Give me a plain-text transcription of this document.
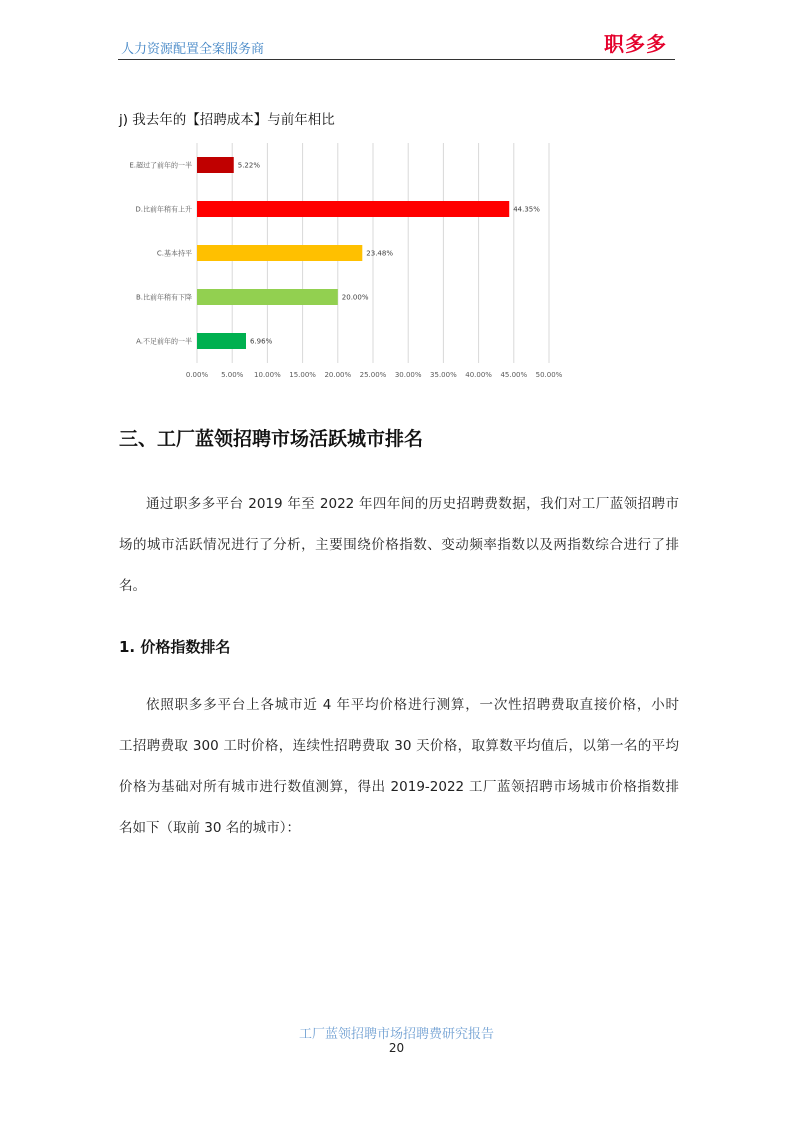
人力资源配置全案服务商	职多多
j) 我去年的【招聘成本】与前年相比
0.00% 5.00% 10.00% 15.00% 20.00% 25.00% 30.00% 35.00% 40.00% 45.00% 50.00%
E.超过了前年的一半	5.22%
D.比前年稍有上升	44.35%
C.基本持平	23.48%
B.比前年稍有下降	20.00%
A.不足前年的一半	6.96%
三、工厂蓝领招聘市场活跃城市排名
通过职多多平台 2019 年至 2022 年四年间的历史招聘费数据，我们对工厂蓝领招聘市
场的城市活跃情况进行了分析，主要围绕价格指数、变动频率指数以及两指数综合进行了排
名。
1. 价格指数排名
依照职多多平台上各城市近 4 年平均价格进行测算，一次性招聘费取直接价格，小时
工招聘费取 300 工时价格，连续性招聘费取 30 天价格，取算数平均值后，以第一名的平均
价格为基础对所有城市进行数值测算，得出 2019-2022 工厂蓝领招聘市场城市价格指数排
名如下（取前 30 名的城市）：
工厂蓝领招聘市场招聘费研究报告
20
